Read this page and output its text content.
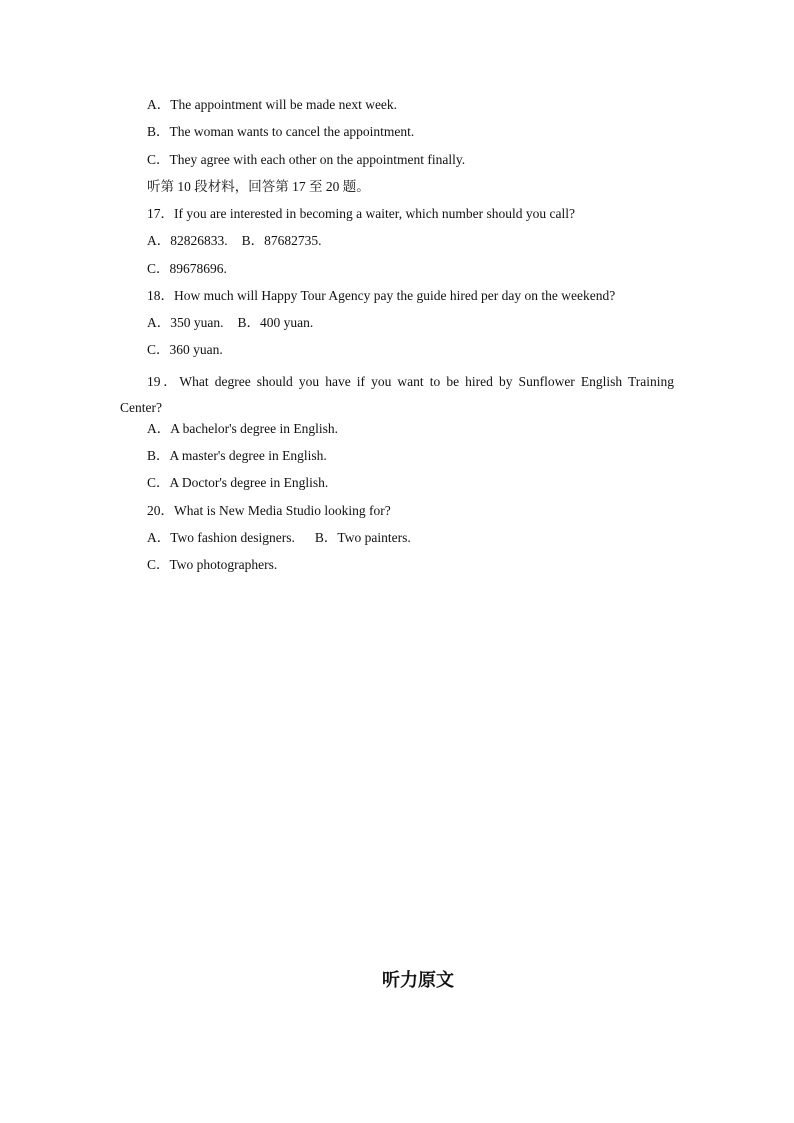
A．The appointment will be made next week.
B．The woman wants to cancel the appointment.
C．They agree with each other on the appointment finally.
听第 10 段材料，回答第 17 至 20 题。
17．If you are interested in becoming a waiter, which number should you call?
A．82826833. B．87682735.
C．89678696.
18．How much will Happy Tour Agency pay the guide hired per day on the weekend?
A．350 yuan. B．400 yuan.
C．360 yuan.
19．What degree should you have if you want to be hired by Sunflower English Training Center?
A．A bachelor's degree in English.
B．A master's degree in English.
C．A Doctor's degree in English.
20．What is New Media Studio looking for?
A．Two fashion designers. B．Two painters.
C．Two photographers.
听力原文
